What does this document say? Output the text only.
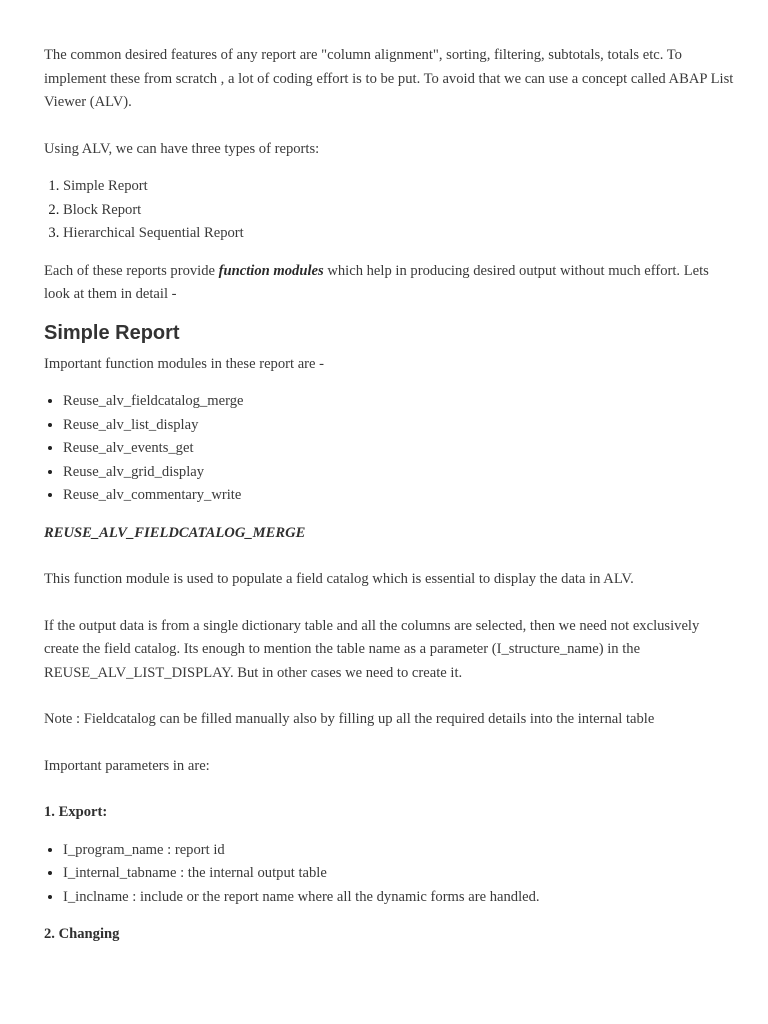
The common desired features of any report are "column alignment", sorting, filtering, subtotals, totals etc. To implement these from scratch , a lot of coding effort is to be put. To avoid that we can use a concept called ABAP List Viewer (ALV).

Using ALV, we can have three types of reports:

1. Simple Report
2. Block Report
3. Hierarchical Sequential Report

Each of these reports provide function modules which help in producing desired output without much effort. Lets look at them in detail -

Simple Report

Important function modules in these report are -

• Reuse_alv_fieldcatalog_merge
• Reuse_alv_list_display
• Reuse_alv_events_get
• Reuse_alv_grid_display
• Reuse_alv_commentary_write

REUSE_ALV_FIELDCATALOG_MERGE

This function module is used to populate a field catalog which is essential to display the data in ALV.

If the output data is from a single dictionary table and all the columns are selected, then we need not exclusively create the field catalog. Its enough to mention the table name as a parameter (I_structure_name) in the REUSE_ALV_LIST_DISPLAY. But in other cases we need to create it.

Note : Fieldcatalog can be filled manually also by filling up all the required details into the internal table

Important parameters in are:

1. Export:

• I_program_name : report id
• I_internal_tabname : the internal output table
• I_inclname : include or the report name where all the dynamic forms are handled.

2. Changing
